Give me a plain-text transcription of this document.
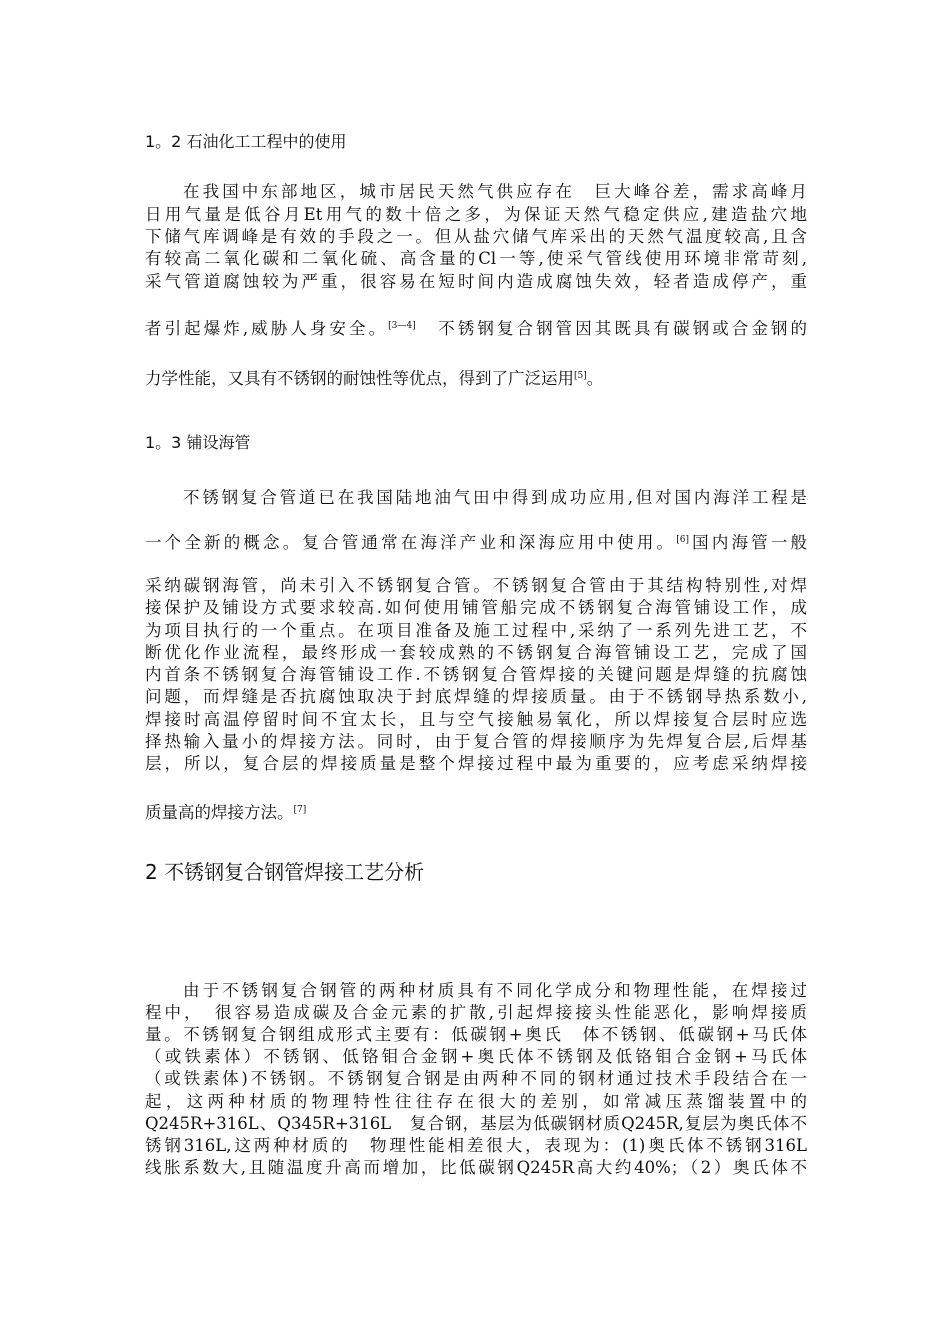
1。2 石油化工工程中的使用
在我国中东部地区，城市居民天然气供应存在　巨大峰谷差，需求高峰月
日用气量是低谷月Et用气的数十倍之多，为保证天然气稳定供应,建造盐穴地
下储气库调峰是有效的手段之一。但从盐穴储气库采出的天然气温度较高,且含
有较高二氧化碳和二氧化硫、高含量的Cl一等,使采气管线使用环境非常苛刻,
采气管道腐蚀较为严重，很容易在短时间内造成腐蚀失效，轻者造成停产，重
者引起爆炸,威胁人身安全。[3—4]　不锈钢复合钢管因其既具有碳钢或合金钢的
力学性能，又具有不锈钢的耐蚀性等优点，得到了广泛运用[5]。
1。3 铺设海管
不锈钢复合管道已在我国陆地油气田中得到成功应用,但对国内海洋工程是
一个全新的概念。复合管通常在海洋产业和深海应用中使用。[6]国内海管一般
采纳碳钢海管，尚未引入不锈钢复合管。不锈钢复合管由于其结构特别性,对焊
接保护及铺设方式要求较高.如何使用铺管船完成不锈钢复合海管铺设工作，成
为项目执行的一个重点。在项目准备及施工过程中,采纳了一系列先进工艺，不
断优化作业流程，最终形成一套较成熟的不锈钢复合海管铺设工艺，完成了国
内首条不锈钢复合海管铺设工作.不锈钢复合管焊接的关键问题是焊缝的抗腐蚀
问题，而焊缝是否抗腐蚀取决于封底焊缝的焊接质量。由于不锈钢导热系数小,
焊接时高温停留时间不宜太长，且与空气接触易氧化，所以焊接复合层时应选
择热输入量小的焊接方法。同时，由于复合管的焊接顺序为先焊复合层,后焊基
层，所以，复合层的焊接质量是整个焊接过程中最为重要的，应考虑采纳焊接
质量高的焊接方法。[7]
2 不锈钢复合钢管焊接工艺分析
由于不锈钢复合钢管的两种材质具有不同化学成分和物理性能，在焊接过
程中，　很容易造成碳及合金元素的扩散,引起焊接接头性能恶化，影响焊接质
量。不锈钢复合钢组成形式主要有：低碳钢+奥氏　体不锈钢、低碳钢+马氏体
（或铁素体）不锈钢、低铬钼合金钢+奥氏体不锈钢及低铬钼合金钢+马氏体
（或铁素体)不锈钢。不锈钢复合钢是由两种不同的钢材通过技术手段结合在一
起，这两种材质的物理特性往往存在很大的差别，如常减压蒸馏装置中的
Q245R+316L、Q345R+316L　复合钢，基层为低碳钢材质Q245R,复层为奥氏体不
锈钢316L,这两种材质的　物理性能相差很大，表现为：(1)奥氏体不锈钢316L
线胀系数大,且随温度升高而增加，比低碳钢Q245R高大约40%；（2）奥氏体不
